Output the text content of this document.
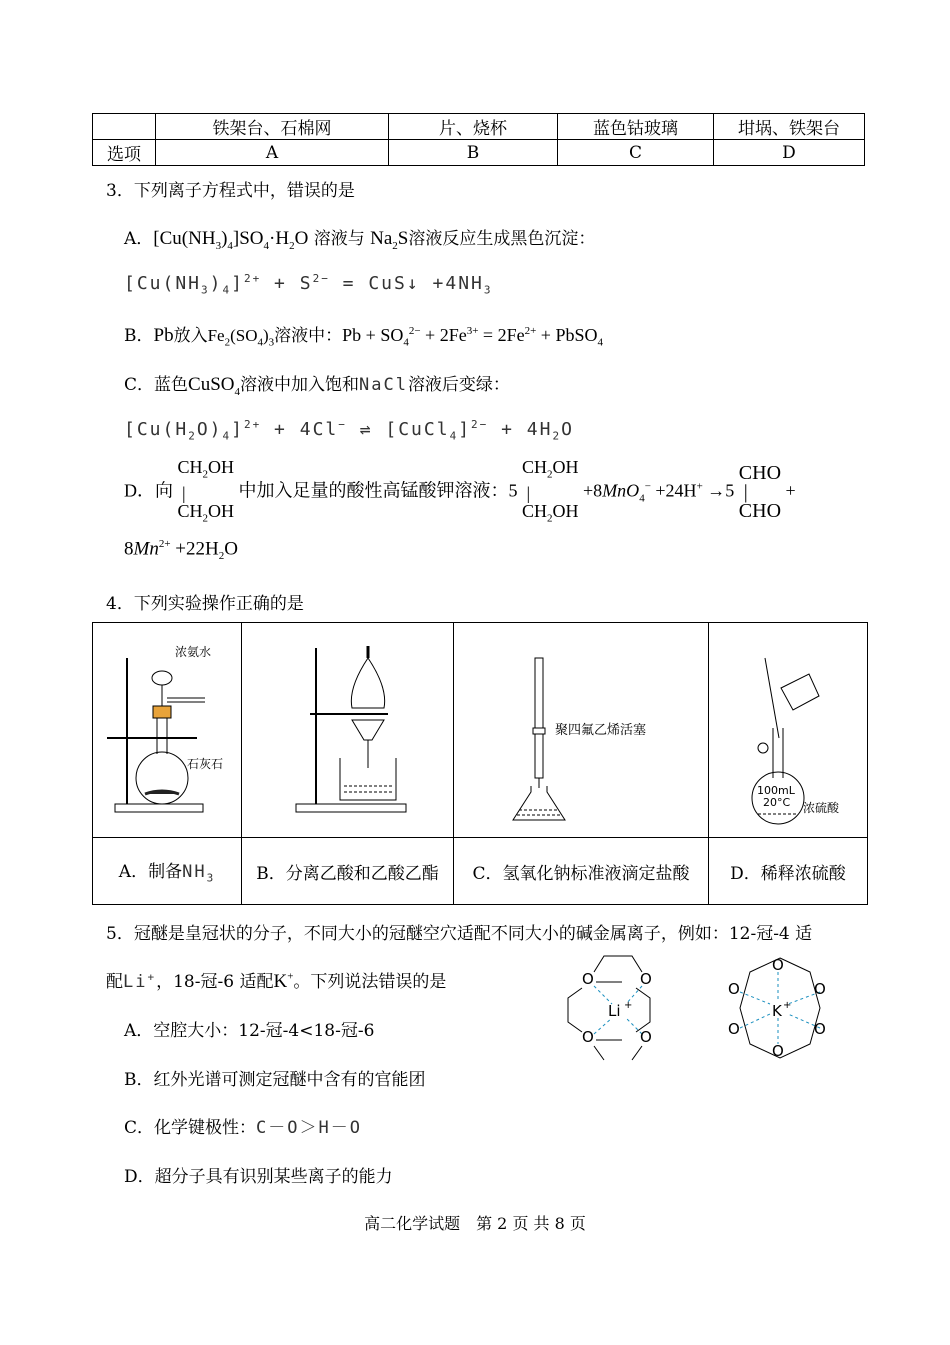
	铁架台、石棉网	片、烧杯	蓝色钴玻璃	坩埚、铁架台
选项	A	B	C	D
3．下列离子方程式中，错误的是
A．$[Cu(NH_3)_4]SO_4\cdot H_2O$ 溶液与 $Na_2S$溶液反应生成黑色沉淀：
$[Cu(NH_3)_4]^{2+} + S^{2-}$ = CuS↓ $+4NH_3$
B．Pb放入$Fe_2(SO_4)_3$溶液中：$Pb + SO_4^{2-} + 2Fe^{3+} = 2Fe^{2+}$ + PbSO$_4$
C．蓝色CuSO$_4$溶液中加入饱和NaCl溶液后变绿：
$[Cu(H_2O)_4]^{2+} + 4Cl^-$ ⇌ [CuCl$_4$]$^{2-}$ + $4H_2O$
D．向 $CH_2OH$
|
$CH_2OH$ 中加入足量的酸性高锰酸钾溶液：5 $CH_2OH$
|
$CH_2OH +8MnO_4^- +24H^+ \to 5$ CHO
|
CHO +
$8Mn^{2+} +22H_2O$
4．下列实验操作正确的是
浓氨水
石灰石		聚四氟乙烯活塞	100mL
20°C 浓硫酸

A．制备$NH_3$	B．分离乙酸和乙酸乙酯	C．氢氧化钠标准液滴定盐酸	D．稀释浓硫酸
5．冠醚是皇冠状的分子，不同大小的冠醚空穴适配不同大小的碱金属离子，例如：12-冠-4 适
配Li+，18-冠-6 适配K+。下列说法错误的是	O	O
O	O
Li +
O
O
O	O
O	O
K +
A．空腔大小：12-冠-4<18-冠-6
B．红外光谱可测定冠醚中含有的官能团
C．化学键极性：C－O＞H－O
D．超分子具有识别某些离子的能力
高二化学试题　第 2 页 共 8 页
